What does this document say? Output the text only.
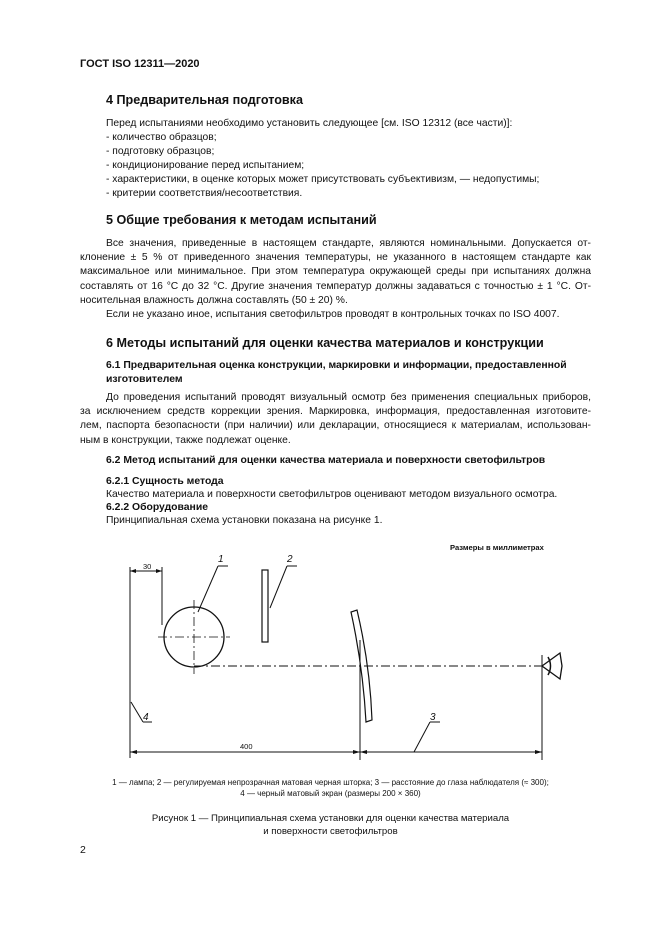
ГОСТ ISO 12311—2020
4 Предварительная подготовка
Перед испытаниями необходимо установить следующее [см. ISO 12312 (все части)]:
- количество образцов;
- подготовку образцов;
- кондиционирование перед испытанием;
- характеристики, в оценке которых может присутствовать субъективизм, — недопустимы;
- критерии соответствия/несоответствия.
5 Общие требования к методам испытаний
Все значения, приведенные в настоящем стандарте, являются номинальными. Допускается от-
клонение ± 5 % от приведенного значения температуры, не указанного в настоящем стандарте как
максимальное или минимальное. При этом температура окружающей среды при испытаниях должна
составлять от 16 °С до 32 °С. Другие значения температур должны задаваться с точностью ± 1 °С. От-
носительная влажность должна составлять (50 ± 20) %.
Если не указано иное, испытания светофильтров проводят в контрольных точках по ISO 4007.
6 Методы испытаний для оценки качества материалов и конструкции
6.1 Предварительная оценка конструкции, маркировки и информации, предоставленной
изготовителем
До проведения испытаний проводят визуальный осмотр без применения специальных приборов,
за исключением средств коррекции зрения. Маркировка, информация, предоставленная изготовите-
лем, паспорта безопасности (при наличии) или декларации, относящиеся к материалам, использован-
ным в конструкции, также подлежат оценке.
6.2 Метод испытаний для оценки качества материала и поверхности светофильтров
6.2.1 Сущность метода
Качество материала и поверхности светофильтров оценивают методом визуального осмотра.
6.2.2 Оборудование
Принципиальная схема установки показана на рисунке 1.
Размеры в миллиметрах
30
1	2
400
3
4
1 — лампа; 2 — регулируемая непрозрачная матовая черная шторка; 3 — расстояние до глаза наблюдателя (≈ 300);
4 — черный матовый экран (размеры 200 × 360)
Рисунок 1 — Принципиальная схема установки для оценки качества материала
и поверхности светофильтров
2
